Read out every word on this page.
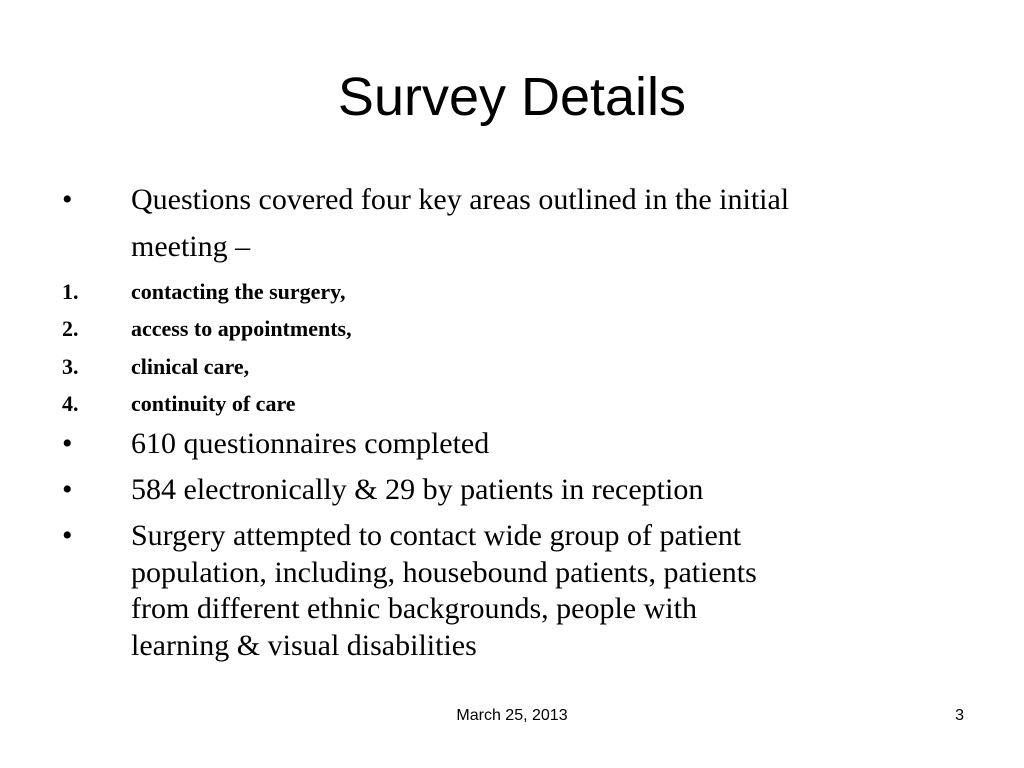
Survey Details
• Questions covered four key areas outlined in the initial
meeting –
1. contacting the surgery,
2. access to appointments,
3. clinical care,
4. continuity of care
• 610 questionnaires completed
• 584 electronically & 29 by patients in reception
• Surgery attempted to contact wide group of patient
population, including, housebound patients, patients
from different ethnic backgrounds, people with
learning & visual disabilities
March 25, 2013	3
